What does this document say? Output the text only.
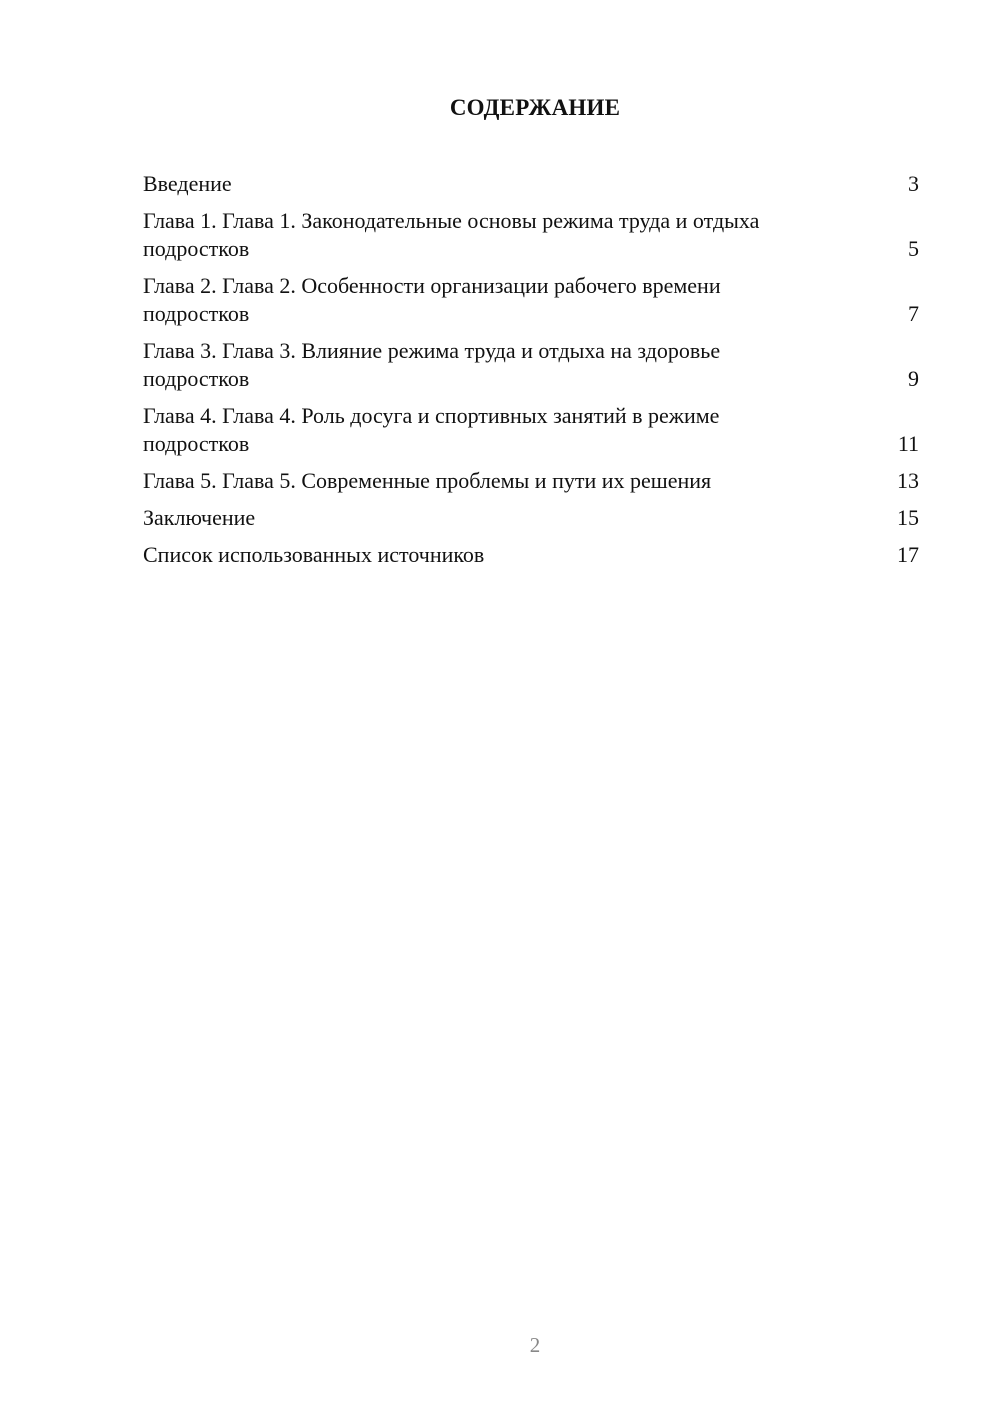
СОДЕРЖАНИЕ
Введение	3
Глава 1. Глава 1. Законодательные основы режима труда и отдыха подростков	5
Глава 2. Глава 2. Особенности организации рабочего времени подростков	7
Глава 3. Глава 3. Влияние режима труда и отдыха на здоровье подростков	9
Глава 4. Глава 4. Роль досуга и спортивных занятий в режиме подростков	11
Глава 5. Глава 5. Современные проблемы и пути их решения	13
Заключение	15
Список использованных источников	17
2
